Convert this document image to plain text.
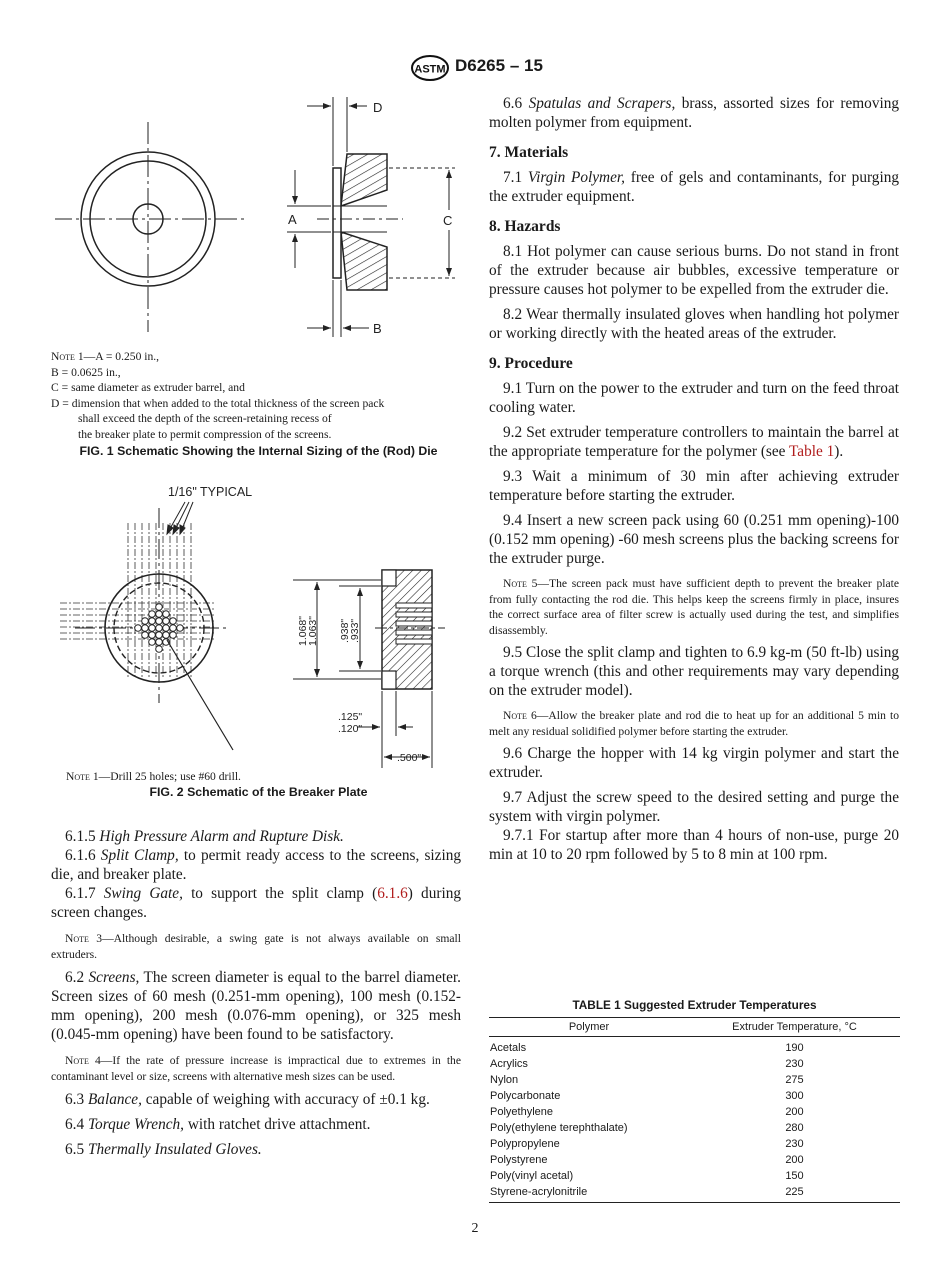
ASTM D6265 – 15
D
B
A	C
Note 1—A = 0.250 in.,
B = 0.0625 in.,
C = same diameter as extruder barrel, and
D = dimension that when added to the total thickness of the screen pack
shall exceed the depth of the screen-retaining recess of
the breaker plate to permit compression of the screens.
FIG. 1 Schematic Showing the Internal Sizing of the (Rod) Die
1/16" TYPICAL
1.068"
1.063" .938"
.933"
.125"
.120"
.500"
Note 1—Drill 25 holes; use #60 drill.
FIG. 2 Schematic of the Breaker Plate
6.1.5 High Pressure Alarm and Rupture Disk.
6.1.6 Split Clamp, to permit ready access to the screens, sizing die, and breaker plate.
6.1.7 Swing Gate, to support the split clamp (6.1.6) during screen changes.
Note 3—Although desirable, a swing gate is not always available on small extruders.
6.2 Screens, The screen diameter is equal to the barrel diameter. Screen sizes of 60 mesh (0.251-mm opening), 100 mesh (0.152-mm opening), 200 mesh (0.076-mm opening), or 325 mesh (0.045-mm opening) have been found to be satisfactory.
Note 4—If the rate of pressure increase is impractical due to extremes in the contaminant level or size, screens with alternative mesh sizes can be used.
6.3 Balance, capable of weighing with accuracy of ±0.1 kg.
6.4 Torque Wrench, with ratchet drive attachment.
6.5 Thermally Insulated Gloves.
6.6 Spatulas and Scrapers, brass, assorted sizes for removing molten polymer from equipment.
7. Materials
7.1 Virgin Polymer, free of gels and contaminants, for purging the extruder equipment.
8. Hazards
8.1 Hot polymer can cause serious burns. Do not stand in front of the extruder because air bubbles, excessive temperature or pressure causes hot polymer to be expelled from the extruder die.
8.2 Wear thermally insulated gloves when handling hot polymer or working directly with the heated areas of the extruder.
9. Procedure
9.1 Turn on the power to the extruder and turn on the feed throat cooling water.
9.2 Set extruder temperature controllers to maintain the barrel at the appropriate temperature for the polymer (see Table 1).
9.3 Wait a minimum of 30 min after achieving extruder temperature before starting the extruder.
9.4 Insert a new screen pack using 60 (0.251 mm opening)-100 (0.152 mm opening) -60 mesh screens plus the backing screens for the extruder purge.
Note 5—The screen pack must have sufficient depth to prevent the breaker plate from fully contacting the rod die. This helps keep the screens firmly in place, insures the correct surface area of filter screw is actually used during the test, and simplifies disassembly.
9.5 Close the split clamp and tighten to 6.9 kg-m (50 ft-lb) using a torque wrench (this and other requirements may vary depending on the extruder model).
Note 6—Allow the breaker plate and rod die to heat up for an additional 5 min to melt any residual solidified polymer before starting the extruder.
9.6 Charge the hopper with 14 kg virgin polymer and start the extruder.
9.7 Adjust the screw speed to the desired setting and purge the system with virgin polymer.
9.7.1 For startup after more than 4 hours of non-use, purge 20 min at 10 to 20 rpm followed by 5 to 8 min at 100 rpm.
TABLE 1 Suggested Extruder Temperatures
Polymer	Extruder Temperature, °C
Acetals	190
Acrylics	230
Nylon	275
Polycarbonate	300
Polyethylene	200
Poly(ethylene terephthalate)	280
Polypropylene	230
Polystyrene	200
Poly(vinyl acetal)	150
Styrene-acrylonitrile	225
2
